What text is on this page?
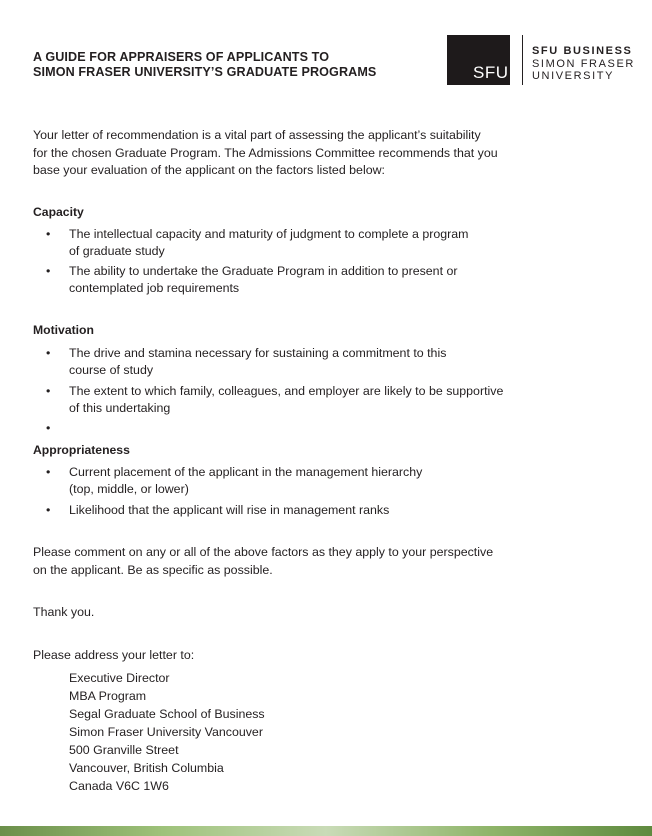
A GUIDE FOR APPRAISERS OF APPLICANTS TO
SIMON FRASER UNIVERSITY’S GRADUATE PROGRAMS	SFU
SFU BUSINESS
SIMON FRASER
UNIVERSITY
Your letter of recommendation is a vital part of assessing the applicant’s suitability
for the chosen Graduate Program. The Admissions Committee recommends that you
base your evaluation of the applicant on the factors listed below:
Capacity
• The intellectual capacity and maturity of judgment to complete a program
of graduate study
• The ability to undertake the Graduate Program in addition to present or
contemplated job requirements
Motivation
• The drive and stamina necessary for sustaining a commitment to this
course of study
• The extent to which family, colleagues, and employer are likely to be supportive
of this undertaking
•
Appropriateness
• Current placement of the applicant in the management hierarchy
(top, middle, or lower)
• Likelihood that the applicant will rise in management ranks
Please comment on any or all of the above factors as they apply to your perspective
on the applicant. Be as specific as possible.
Thank you.
Please address your letter to:
Executive Director
MBA Program
Segal Graduate School of Business
Simon Fraser University Vancouver
500 Granville Street
Vancouver, British Columbia
Canada V6C 1W6
